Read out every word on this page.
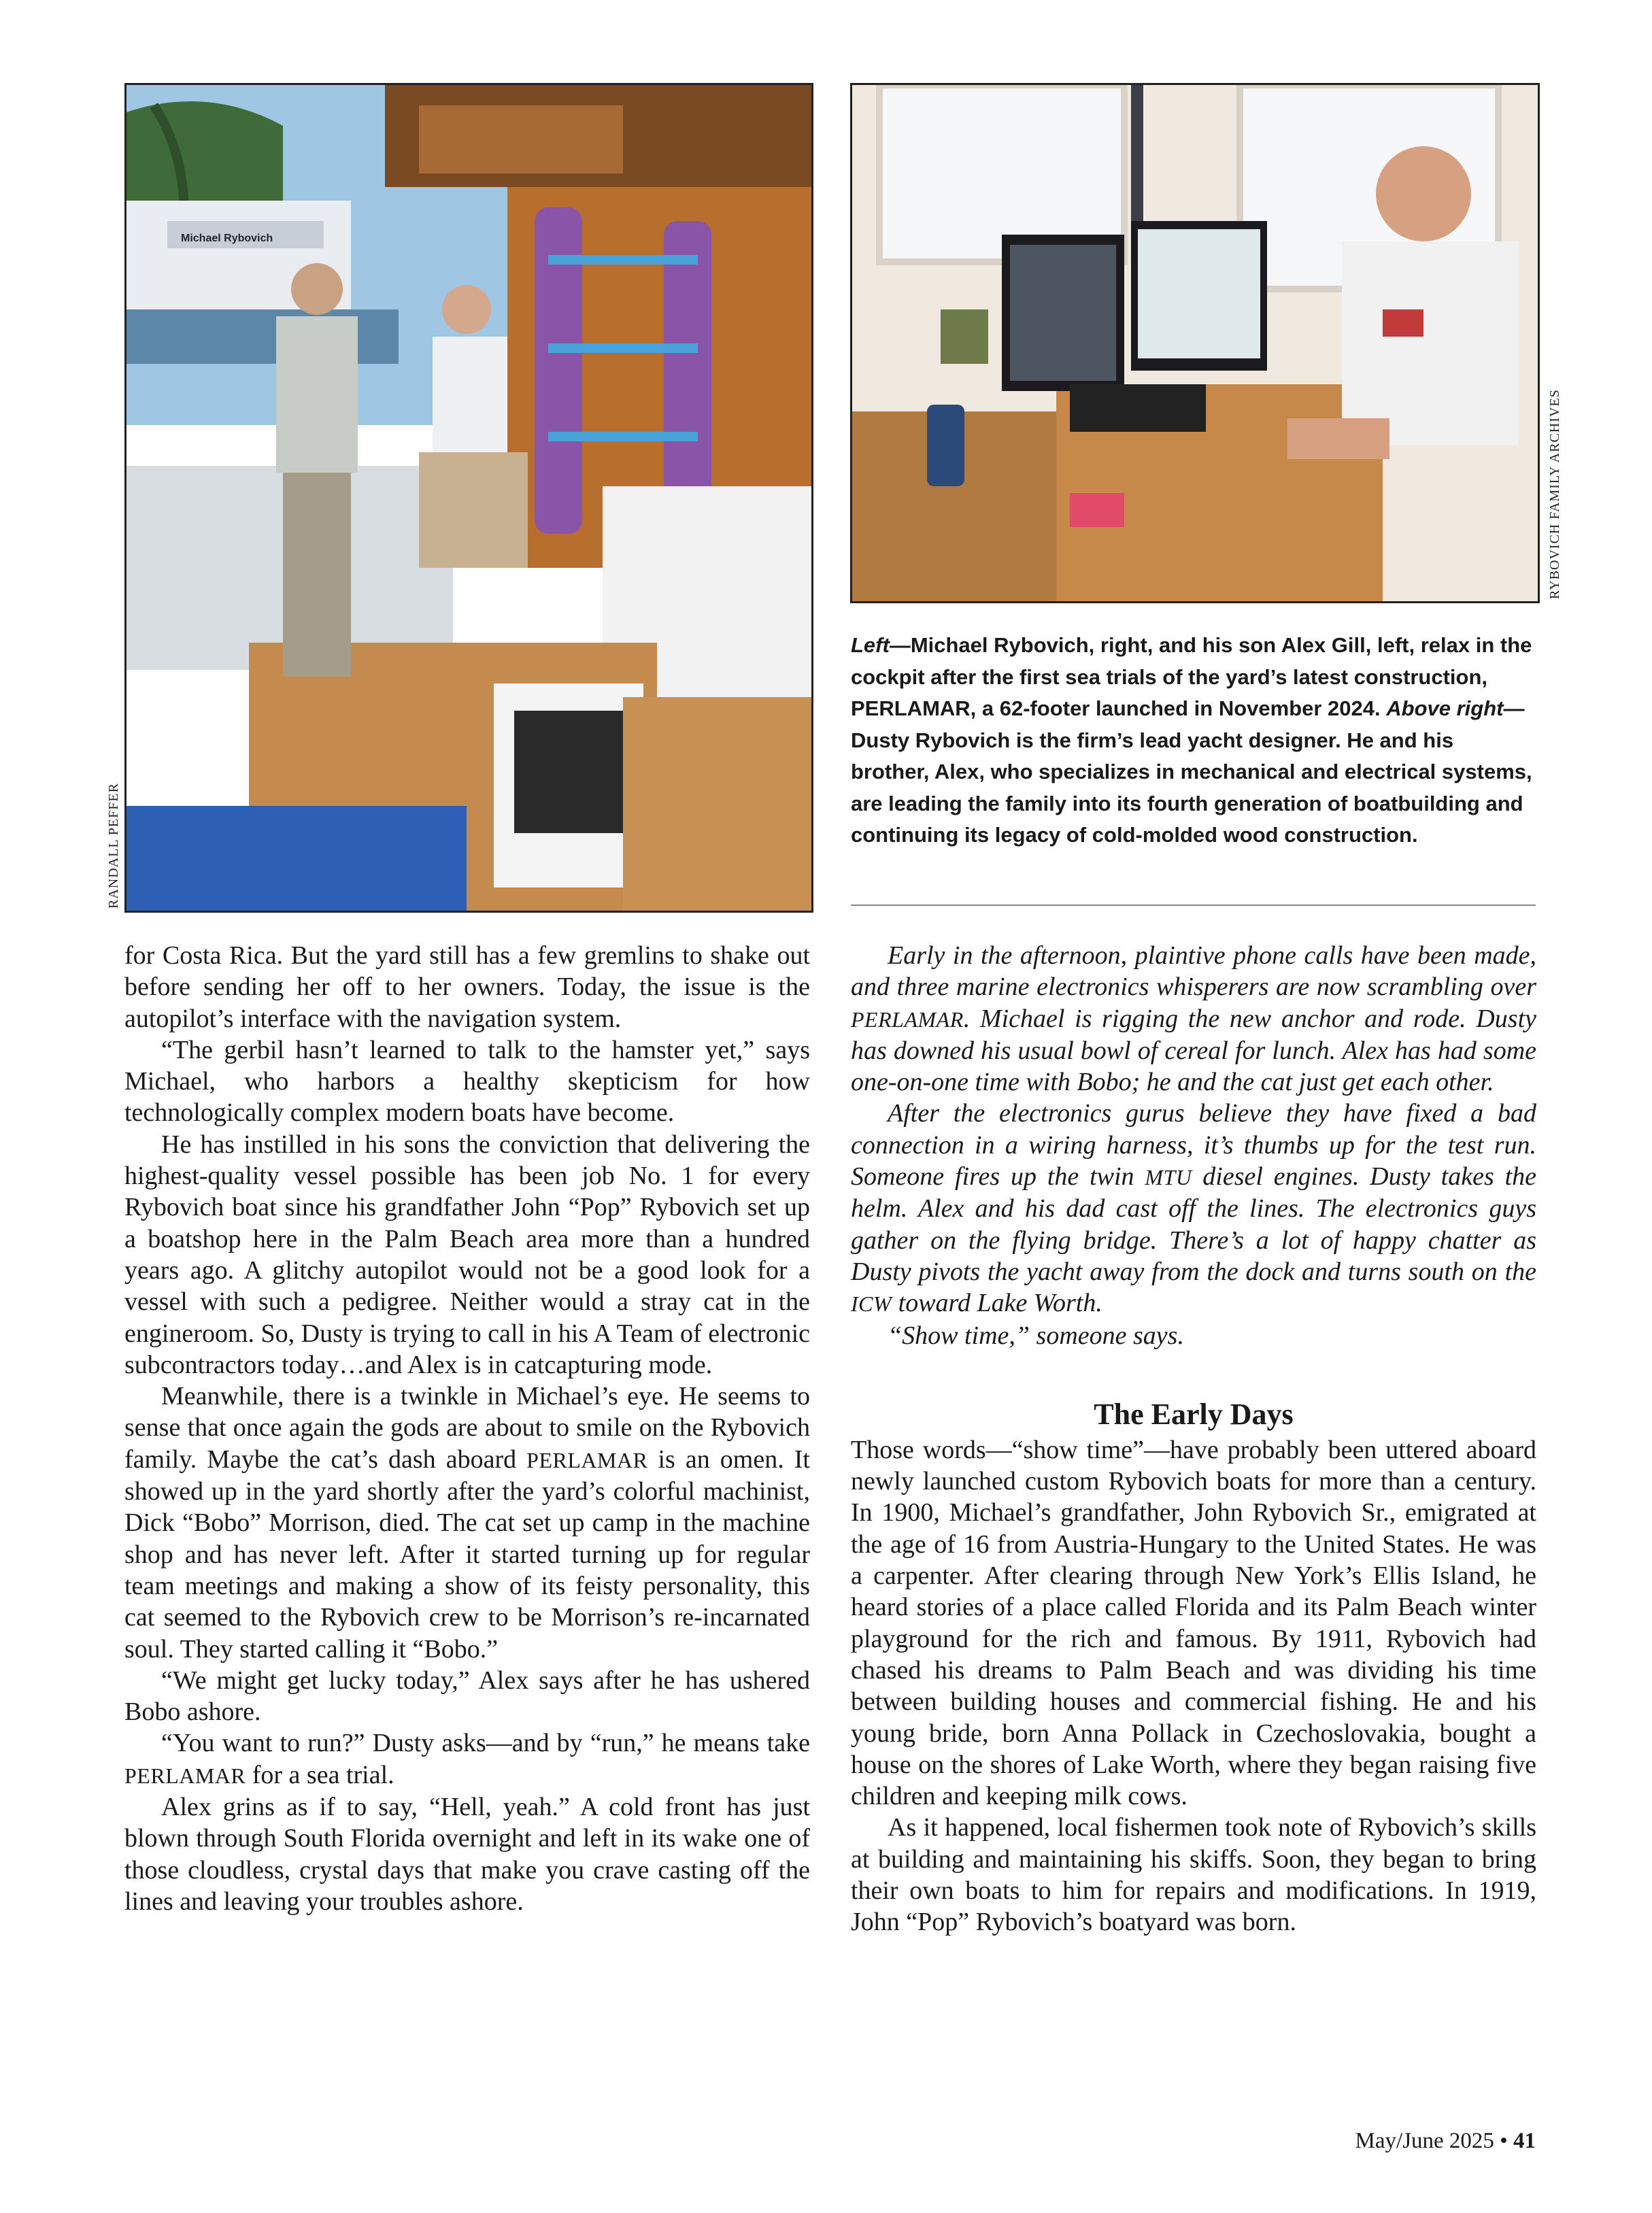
Michael Rybovich
RANDALL PEFFER
RYBOVICH FAMILY ARCHIVES
Left—Michael Rybovich, right, and his son Alex Gill, left, relax in the cockpit after the first sea trials of the yard’s latest construction, PERLAMAR, a 62-footer launched in November 2024. Above right—Dusty Rybovich is the firm’s lead yacht designer. He and his brother, Alex, who specializes in mechanical and electrical systems, are leading the family into its fourth generation of boatbuilding and continuing its legacy of cold-molded wood construction.

for Costa Rica. But the yard still has a few gremlins to shake out before sending her off to her owners. Today, the issue is the autopilot’s interface with the navigation system.

“The gerbil hasn’t learned to talk to the hamster yet,” says Michael, who harbors a healthy skepticism for how technologically complex modern boats have become.

He has instilled in his sons the conviction that delivering the highest-quality vessel possible has been job No. 1 for every Rybovich boat since his grandfather John “Pop” Rybovich set up a boatshop here in the Palm Beach area more than a hundred years ago. A glitchy autopilot would not be a good look for a vessel with such a pedigree. Neither would a stray cat in the engineroom. So, Dusty is trying to call in his A Team of electronic subcontractors today…and Alex is in catcapturing mode.

Meanwhile, there is a twinkle in Michael’s eye. He seems to sense that once again the gods are about to smile on the Rybovich family. Maybe the cat’s dash aboard PERLAMAR is an omen. It showed up in the yard shortly after the yard’s colorful machinist, Dick “Bobo” Morrison, died. The cat set up camp in the machine shop and has never left. After it started turning up for regular team meetings and making a show of its feisty personality, this cat seemed to the Rybovich crew to be Morrison’s re-incarnated soul. They started calling it “Bobo.”

“We might get lucky today,” Alex says after he has ushered Bobo ashore.

“You want to run?” Dusty asks—and by “run,” he means take PERLAMAR for a sea trial.

Alex grins as if to say, “Hell, yeah.” A cold front has just blown through South Florida overnight and left in its wake one of those cloudless, crystal days that make you crave casting off the lines and leaving your troubles ashore.

Early in the afternoon, plaintive phone calls have been made, and three marine electronics whisperers are now scrambling over PERLAMAR. Michael is rigging the new anchor and rode. Dusty has downed his usual bowl of cereal for lunch. Alex has had some one-on-one time with Bobo; he and the cat just get each other.

After the electronics gurus believe they have fixed a bad connection in a wiring harness, it’s thumbs up for the test run. Someone fires up the twin MTU diesel engines. Dusty takes the helm. Alex and his dad cast off the lines. The electronics guys gather on the flying bridge. There’s a lot of happy chatter as Dusty pivots the yacht away from the dock and turns south on the ICW toward Lake Worth.

“Show time,” someone says.

The Early Days

Those words—“show time”—have probably been uttered aboard newly launched custom Rybovich boats for more than a century. In 1900, Michael’s grandfather, John Rybovich Sr., emigrated at the age of 16 from Austria-Hungary to the United States. He was a carpenter. After clearing through New York’s Ellis Island, he heard stories of a place called Florida and its Palm Beach winter playground for the rich and famous. By 1911, Rybovich had chased his dreams to Palm Beach and was dividing his time between building houses and commercial fishing. He and his young bride, born Anna Pollack in Czechoslovakia, bought a house on the shores of Lake Worth, where they began raising five children and keeping milk cows.

As it happened, local fishermen took note of Rybovich’s skills at building and maintaining his skiffs. Soon, they began to bring their own boats to him for repairs and modifications. In 1919, John “Pop” Rybovich’s boatyard was born.

May/June 2025 • 41
